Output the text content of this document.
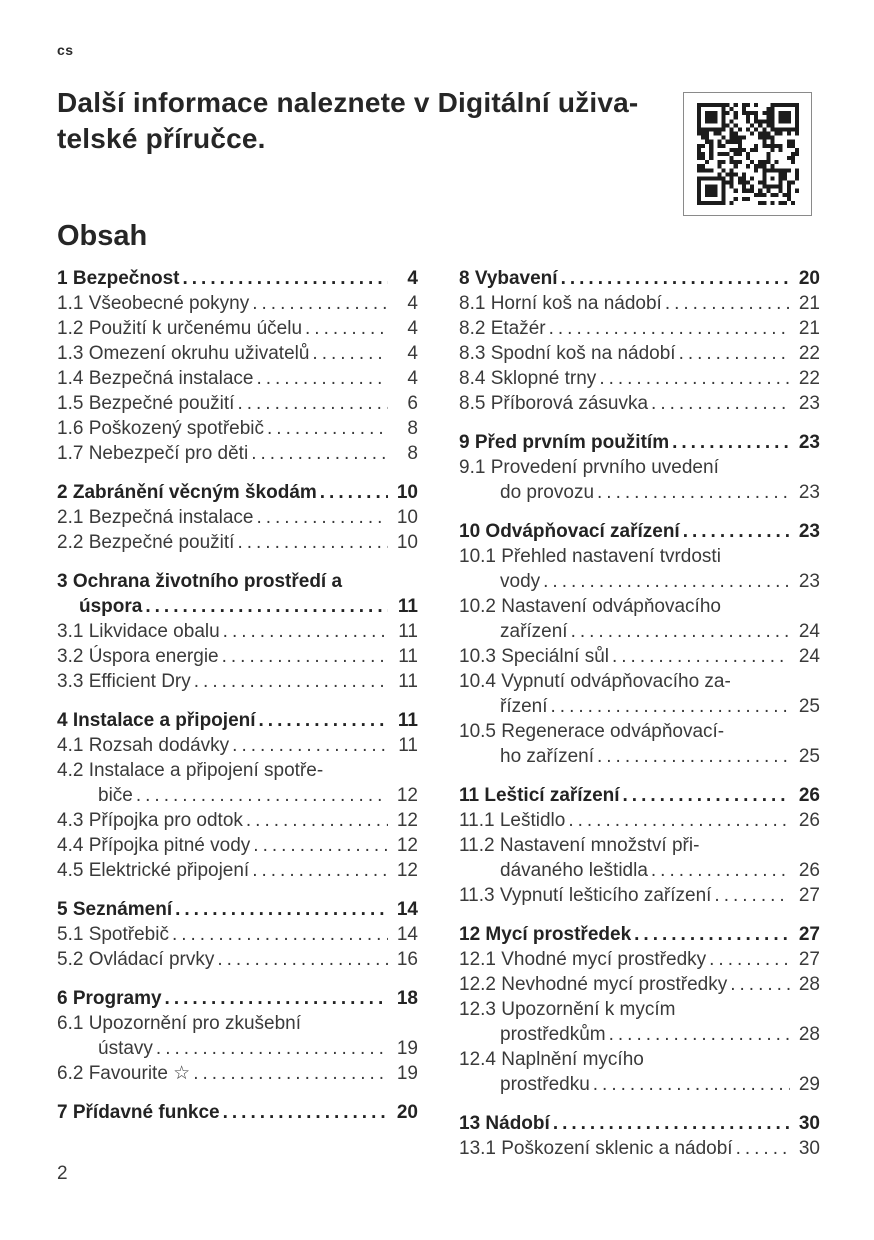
cs
Další informace naleznete v Digitální uživa-
telské příručce.
Obsah
1 Bezpečnost .....	4
1.1 Všeobecné pokyny .....	4
1.2 Použití k určenému účelu .....	4
1.3 Omezení okruhu uživatelů .....	4
1.4 Bezpečná instalace .....	4
1.5 Bezpečné použití .....	6
1.6 Poškozený spotřebič .....	8
1.7 Nebezpečí pro děti .....	8
2 Zabránění věcným škodám .....	10
2.1 Bezpečná instalace .....	10
2.2 Bezpečné použití .....	10
3 Ochrana životního prostředí a
úspora .....	11
3.1 Likvidace obalu .....	11
3.2 Úspora energie .....	11
3.3 Efficient Dry .....	11
4 Instalace a připojení .....	11
4.1 Rozsah dodávky .....	11
4.2 Instalace a připojení spotře-
biče .....	12
4.3 Přípojka pro odtok .....	12
4.4 Přípojka pitné vody .....	12
4.5 Elektrické připojení .....	12
5 Seznámení .....	14
5.1 Spotřebič .....	14
5.2 Ovládací prvky .....	16
6 Programy .....	18
6.1 Upozornění pro zkušební
ústavy .....	19
6.2 Favourite ☆ .....	19
7 Přídavné funkce .....	20
8 Vybavení .....	20
8.1 Horní koš na nádobí .....	21
8.2 Etažér .....	21
8.3 Spodní koš na nádobí .....	22
8.4 Sklopné trny .....	22
8.5 Příborová zásuvka .....	23
9 Před prvním použitím .....	23
9.1 Provedení prvního uvedení
do provozu .....	23
10 Odvápňovací zařízení .....	23
10.1 Přehled nastavení tvrdosti
vody .....	23
10.2 Nastavení odvápňovacího
zařízení .....	24
10.3 Speciální sůl .....	24
10.4 Vypnutí odvápňovacího za-
řízení .....	25
10.5 Regenerace odvápňovací-
ho zařízení .....	25
11 Lešticí zařízení .....	26
11.1 Leštidlo .....	26
11.2 Nastavení množství při-
dávaného leštidla .....	26
11.3 Vypnutí lešticího zařízení .....	27
12 Mycí prostředek .....	27
12.1 Vhodné mycí prostředky .....	27
12.2 Nevhodné mycí prostředky .....	28
12.3 Upozornění k mycím
prostředkům .....	28
12.4 Naplnění mycího
prostředku .....	29
13 Nádobí .....	30
13.1 Poškození sklenic a nádobí .....	30
2
